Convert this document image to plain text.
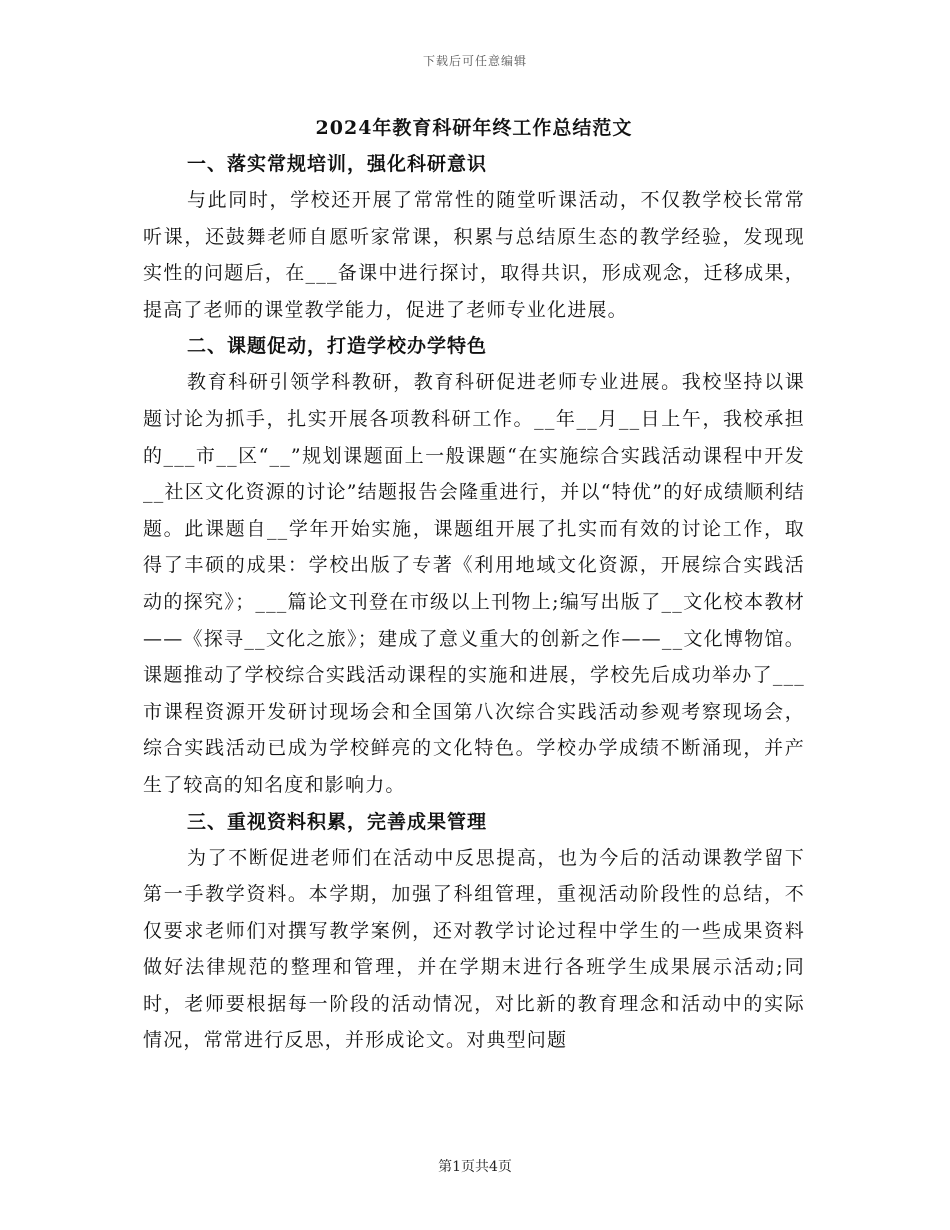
下载后可任意编辑
2024年教育科研年终工作总结范文
一、落实常规培训，强化科研意识

与此同时，学校还开展了常常性的随堂听课活动，不仅教学校长常常听课，还鼓舞老师自愿听家常课，积累与总结原生态的教学经验，发现现实性的问题后，在___备课中进行探讨，取得共识，形成观念，迁移成果，提高了老师的课堂教学能力，促进了老师专业化进展。

二、课题促动，打造学校办学特色

教育科研引领学科教研，教育科研促进老师专业进展。我校坚持以课题讨论为抓手，扎实开展各项教科研工作。__年__月__日上午，我校承担的___市__区“__”规划课题面上一般课题“在实施综合实践活动课程中开发__社区文化资源的讨论”结题报告会隆重进行，并以“特优”的好成绩顺利结题。此课题自__学年开始实施，课题组开展了扎实而有效的讨论工作，取得了丰硕的成果：学校出版了专著《利用地域文化资源，开展综合实践活动的探究》；___篇论文刊登在市级以上刊物上;编写出版了__文化校本教材——《探寻__文化之旅》；建成了意义重大的创新之作——__文化博物馆。课题推动了学校综合实践活动课程的实施和进展，学校先后成功举办了___市课程资源开发研讨现场会和全国第八次综合实践活动参观考察现场会，综合实践活动已成为学校鲜亮的文化特色。学校办学成绩不断涌现，并产生了较高的知名度和影响力。

三、重视资料积累，完善成果管理

为了不断促进老师们在活动中反思提高，也为今后的活动课教学留下第一手教学资料。本学期，加强了科组管理，重视活动阶段性的总结，不仅要求老师们对撰写教学案例，还对教学讨论过程中学生的一些成果资料做好法律规范的整理和管理，并在学期末进行各班学生成果展示活动;同时，老师要根据每一阶段的活动情况，对比新的教育理念和活动中的实际情况，常常进行反思，并形成论文。对典型问题

第1页共4页
